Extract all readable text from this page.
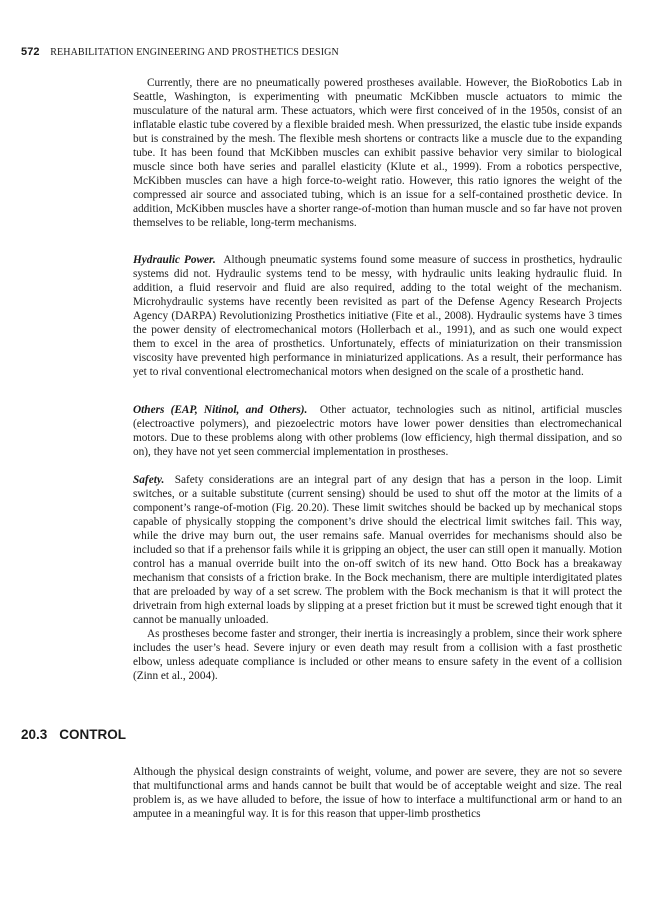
572 REHABILITATION ENGINEERING AND PROSTHETICS DESIGN

Currently, there are no pneumatically powered prostheses available. However, the BioRobotics Lab in Seattle, Washington, is experimenting with pneumatic McKibben muscle actuators to mimic the musculature of the natural arm. These actuators, which were first conceived of in the 1950s, consist of an inflatable elastic tube covered by a flexible braided mesh. When pressurized, the elastic tube inside expands but is constrained by the mesh. The flexible mesh shortens or contracts like a muscle due to the expanding tube. It has been found that McKibben muscles can exhibit passive behavior very similar to biological muscle since both have series and parallel elasticity (Klute et al., 1999). From a robotics perspective, McKibben muscles can have a high force-to-weight ratio. However, this ratio ignores the weight of the compressed air source and associated tubing, which is an issue for a self-contained prosthetic device. In addition, McKibben muscles have a shorter range-of-motion than human muscle and so far have not proven themselves to be reliable, long-term mechanisms.

Hydraulic Power. Although pneumatic systems found some measure of success in prosthetics, hydraulic systems did not. Hydraulic systems tend to be messy, with hydraulic units leaking hydraulic fluid. In addition, a fluid reservoir and fluid are also required, adding to the total weight of the mechanism. Microhydraulic systems have recently been revisited as part of the Defense Agency Research Projects Agency (DARPA) Revolutionizing Prosthetics initiative (Fite et al., 2008). Hydraulic systems have 3 times the power density of electromechanical motors (Hollerbach et al., 1991), and as such one would expect them to excel in the area of prosthetics. Unfortunately, effects of miniaturization on their transmission viscosity have prevented high performance in miniaturized applications. As a result, their performance has yet to rival conventional electromechanical motors when designed on the scale of a prosthetic hand.

Others (EAP, Nitinol, and Others). Other actuator, technologies such as nitinol, artificial muscles (electroactive polymers), and piezoelectric motors have lower power densities than electromechanical motors. Due to these problems along with other problems (low efficiency, high thermal dissipation, and so on), they have not yet seen commercial implementation in prostheses.

Safety. Safety considerations are an integral part of any design that has a person in the loop. Limit switches, or a suitable substitute (current sensing) should be used to shut off the motor at the limits of a component’s range-of-motion (Fig. 20.20). These limit switches should be backed up by mechanical stops capable of physically stopping the component’s drive should the electrical limit switches fail. This way, while the drive may burn out, the user remains safe. Manual overrides for mechanisms should also be included so that if a prehensor fails while it is gripping an object, the user can still open it manually. Motion control has a manual override built into the on-off switch of its new hand. Otto Bock has a breakaway mechanism that consists of a friction brake. In the Bock mechanism, there are multiple interdigitated plates that are preloaded by way of a set screw. The problem with the Bock mechanism is that it will protect the drivetrain from high external loads by slipping at a preset friction but it must be screwed tight enough that it cannot be manually unloaded.

As prostheses become faster and stronger, their inertia is increasingly a problem, since their work sphere includes the user’s head. Severe injury or even death may result from a collision with a fast prosthetic elbow, unless adequate compliance is included or other means to ensure safety in the event of a collision (Zinn et al., 2004).

20.3 CONTROL

Although the physical design constraints of weight, volume, and power are severe, they are not so severe that multifunctional arms and hands cannot be built that would be of acceptable weight and size. The real problem is, as we have alluded to before, the issue of how to interface a multifunctional arm or hand to an amputee in a meaningful way. It is for this reason that upper-limb prosthetics
